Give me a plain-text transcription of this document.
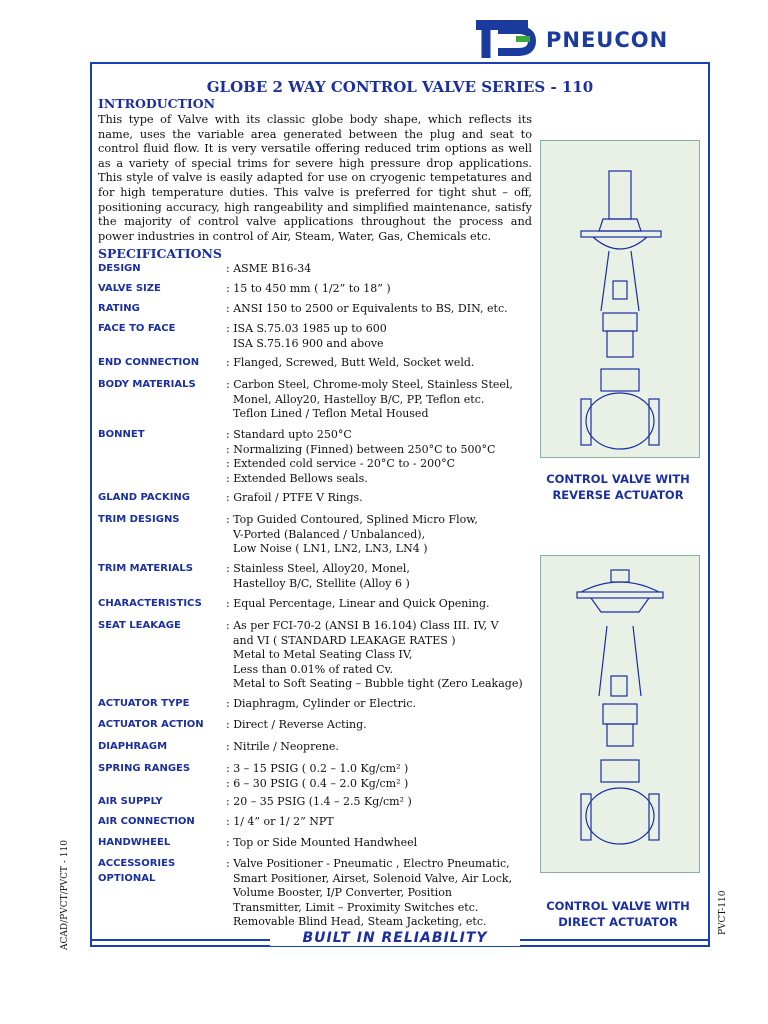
PNEUCON
GLOBE 2 WAY CONTROL VALVE SERIES - 110
INTRODUCTION
This type of Valve with its classic globe body shape, which reflects its name, uses the variable area generated between the plug and seat to control fluid flow. It is very versatile offering reduced trim options as well as a variety of special trims for severe high pressure drop applications. This style of valve is easily adapted for use on cryogenic tempetatures and for high temperature duties. This valve is preferred for tight shut – off, positioning accuracy, high rangeability and simplified maintenance, satisfy the majority of control valve applications throughout the process and power industries in control of Air, Steam, Water, Gas, Chemicals etc.
SPECIFICATIONS
DESIGN	: ASME B16-34
VALVE SIZE	: 15 to 450 mm ( 1/2” to 18” )
RATING	: ANSI 150 to 2500 or Equivalents to BS, DIN, etc.
FACE TO FACE	: ISA S.75.03 1985 up to 600
ISA S.75.16 900 and above
END CONNECTION	: Flanged, Screwed, Butt Weld, Socket weld.
BODY MATERIALS	: Carbon Steel, Chrome-moly Steel, Stainless Steel,
Monel, Alloy20, Hastelloy B/C, PP, Teflon etc.
Teflon Lined / Teflon Metal Housed
BONNET	: Standard upto 250°C
: Normalizing (Finned) between 250°C to 500°C
: Extended cold service - 20°C to - 200°C
: Extended Bellows seals.
GLAND PACKING	: Grafoil / PTFE V Rings.
TRIM DESIGNS	: Top Guided Contoured, Splined Micro Flow,
V-Ported (Balanced / Unbalanced),
Low Noise ( LN1, LN2, LN3, LN4 )
TRIM MATERIALS	: Stainless Steel, Alloy20, Monel,
Hastelloy B/C, Stellite (Alloy 6 )
CHARACTERISTICS	: Equal Percentage, Linear and Quick Opening.
SEAT LEAKAGE	: As per FCI-70-2 (ANSI B 16.104) Class III. IV, V
and VI ( STANDARD LEAKAGE RATES )
Metal to Metal Seating Class IV,
Less than 0.01% of rated Cv.
Metal to Soft Seating – Bubble tight (Zero Leakage)
ACTUATOR TYPE	: Diaphragm, Cylinder or Electric.
ACTUATOR ACTION	: Direct / Reverse Acting.
DIAPHRAGM	: Nitrile / Neoprene.
SPRING RANGES	: 3 – 15 PSIG ( 0.2 – 1.0 Kg/cm² )
: 6 – 30 PSIG ( 0.4 – 2.0 Kg/cm² )
AIR SUPPLY	: 20 – 35 PSIG (1.4 – 2.5 Kg/cm² )
AIR CONNECTION	: 1/ 4” or 1/ 2” NPT
HANDWHEEL	: Top or Side Mounted Handwheel
ACCESSORIES
OPTIONAL
: Valve Positioner - Pneumatic , Electro Pneumatic,
Smart Positioner, Airset, Solenoid Valve, Air Lock,
Volume Booster, I/P Converter, Position
Transmitter, Limit – Proximity Switches etc.
Removable Blind Head, Steam Jacketing, etc.
CONTROL VALVE WITH
REVERSE ACTUATOR
CONTROL VALVE WITH
DIRECT ACTUATOR
BUILT IN RELIABILITY
ACAD/PVCT/PVCT - 110	PVCT-110
